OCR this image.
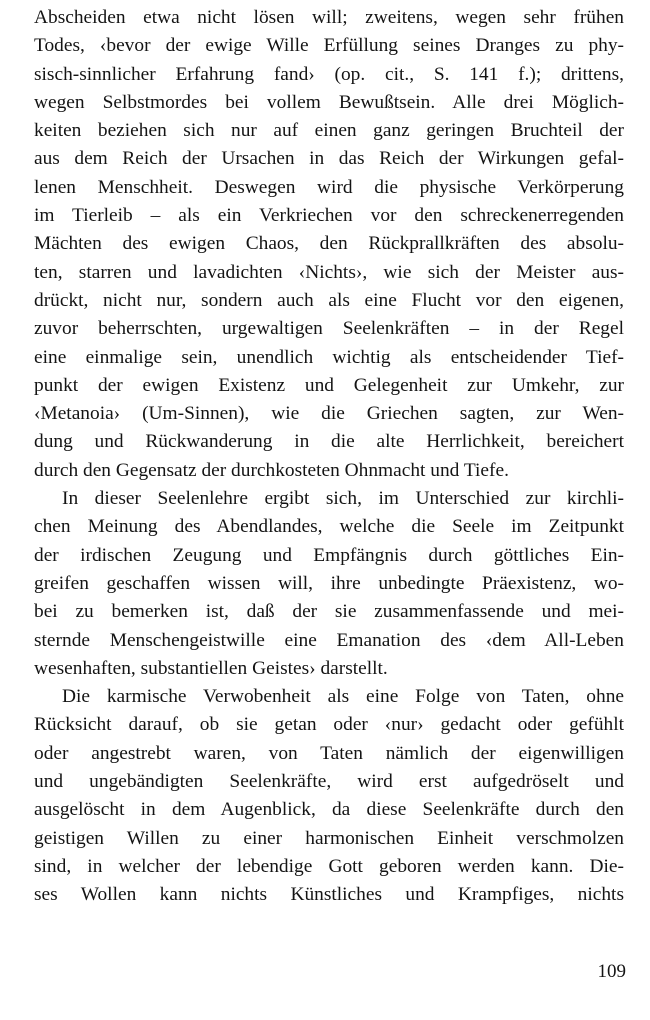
Abscheiden etwa nicht lösen will; zweitens, wegen sehr frühen
Todes, ‹bevor der ewige Wille Erfüllung seines Dranges zu phy-
sisch-sinnlicher Erfahrung fand› (op. cit., S. 141 f.); drittens,
wegen Selbstmordes bei vollem Bewußtsein. Alle drei Möglich-
keiten beziehen sich nur auf einen ganz geringen Bruchteil der
aus dem Reich der Ursachen in das Reich der Wirkungen gefal-
lenen Menschheit. Deswegen wird die physische Verkörperung
im Tierleib – als ein Verkriechen vor den schreckenerregenden
Mächten des ewigen Chaos, den Rückprallkräften des absolu-
ten, starren und lavadichten ‹Nichts›, wie sich der Meister aus-
drückt, nicht nur, sondern auch als eine Flucht vor den eigenen,
zuvor beherrschten, urgewaltigen Seelenkräften – in der Regel
eine einmalige sein, unendlich wichtig als entscheidender Tief-
punkt der ewigen Existenz und Gelegenheit zur Umkehr, zur
‹Metanoia› (Um-Sinnen), wie die Griechen sagten, zur Wen-
dung und Rückwanderung in die alte Herrlichkeit, bereichert
durch den Gegensatz der durchkosteten Ohnmacht und Tiefe.
In dieser Seelenlehre ergibt sich, im Unterschied zur kirchli-
chen Meinung des Abendlandes, welche die Seele im Zeitpunkt
der irdischen Zeugung und Empfängnis durch göttliches Ein-
greifen geschaffen wissen will, ihre unbedingte Präexistenz, wo-
bei zu bemerken ist, daß der sie zusammenfassende und mei-
sternde Menschengeistwille eine Emanation des ‹dem All-Leben
wesenhaften, substantiellen Geistes› darstellt.
Die karmische Verwobenheit als eine Folge von Taten, ohne
Rücksicht darauf, ob sie getan oder ‹nur› gedacht oder gefühlt
oder angestrebt waren, von Taten nämlich der eigenwilligen
und ungebändigten Seelenkräfte, wird erst aufgedröselt und
ausgelöscht in dem Augenblick, da diese Seelenkräfte durch den
geistigen Willen zu einer harmonischen Einheit verschmolzen
sind, in welcher der lebendige Gott geboren werden kann. Die-
ses Wollen kann nichts Künstliches und Krampfiges, nichts
109
